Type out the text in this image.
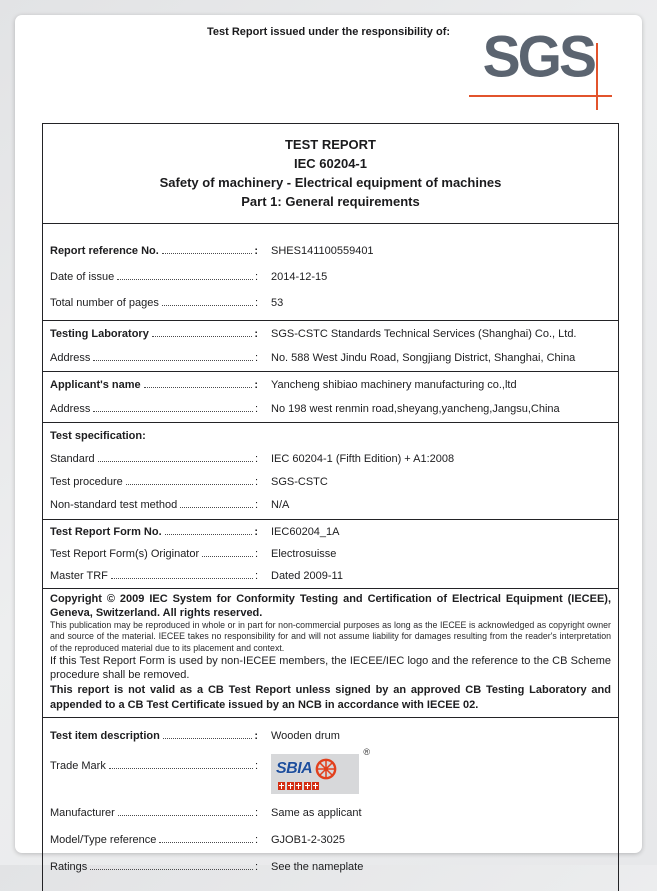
Test Report issued under the responsibility of: SGS
TEST REPORT
IEC 60204-1
Safety of machinery - Electrical equipment of machines
Part 1: General requirements
Report reference No.	: SHES141100559401
Date of issue	: 2014-12-15
Total number of pages	: 53
Testing Laboratory	: SGS-CSTC Standards Technical Services (Shanghai) Co., Ltd.
Address	: No. 588 West Jindu Road, Songjiang District, Shanghai, China
Applicant's name	: Yancheng shibiao machinery manufacturing co.,ltd
Address	: No 198 west renmin road,sheyang,yancheng,Jangsu,China
Test specification:
Standard	: IEC 60204-1 (Fifth Edition) + A1:2008
Test procedure	: SGS-CSTC
Non-standard test method	: N/A
Test Report Form No.	: IEC60204_1A
Test Report Form(s) Originator	: Electrosuisse
Master TRF	: Dated 2009-11

Copyright © 2009 IEC System for Conformity Testing and Certification of Electrical Equipment (IECEE), Geneva, Switzerland. All rights reserved.

This publication may be reproduced in whole or in part for non-commercial purposes as long as the IECEE is acknowledged as copyright owner and source of the material. IECEE takes no responsibility for and will not assume liability for damages resulting from the reader's interpretation of the reproduced material due to its placement and context.

If this Test Report Form is used by non-IECEE members, the IECEE/IEC logo and the reference to the CB Scheme procedure shall be removed.

This report is not valid as a CB Test Report unless signed by an approved CB Testing Laboratory and appended to a CB Test Certificate issued by an NCB in accordance with IECEE 02.

Test item description	: Wooden drum
Trade Mark	: SBIA
®
Manufacturer	: Same as applicant
Model/Type reference	: GJOB1-2-3025
Ratings	: See the nameplate
